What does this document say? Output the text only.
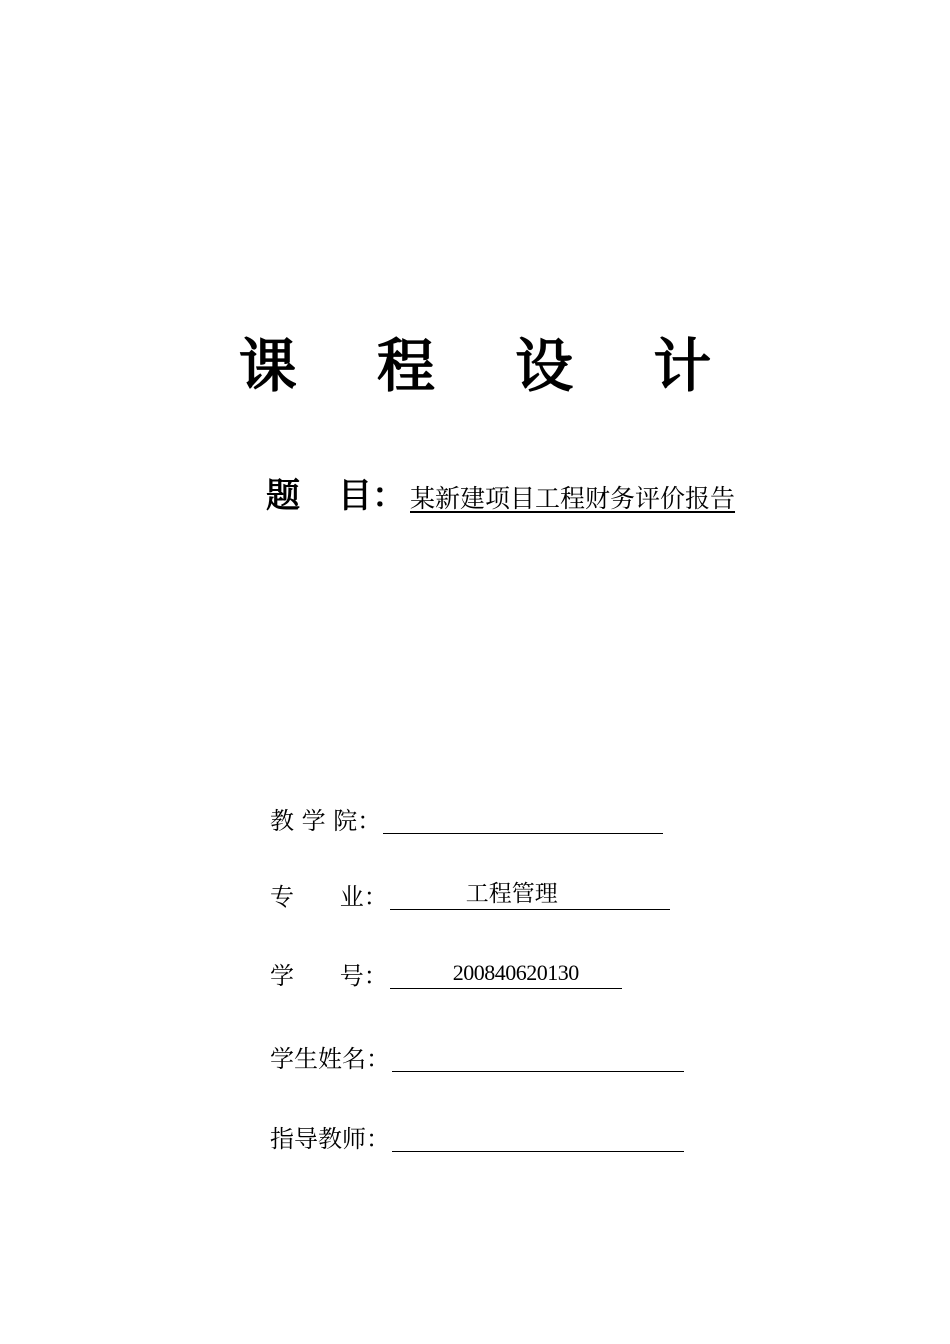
课 程 设 计
题 目： 某新建项目工程财务评价报告
教 学 院：
专      业：	工程管理
学      号：	200840620130
学生姓名：
指导教师：
